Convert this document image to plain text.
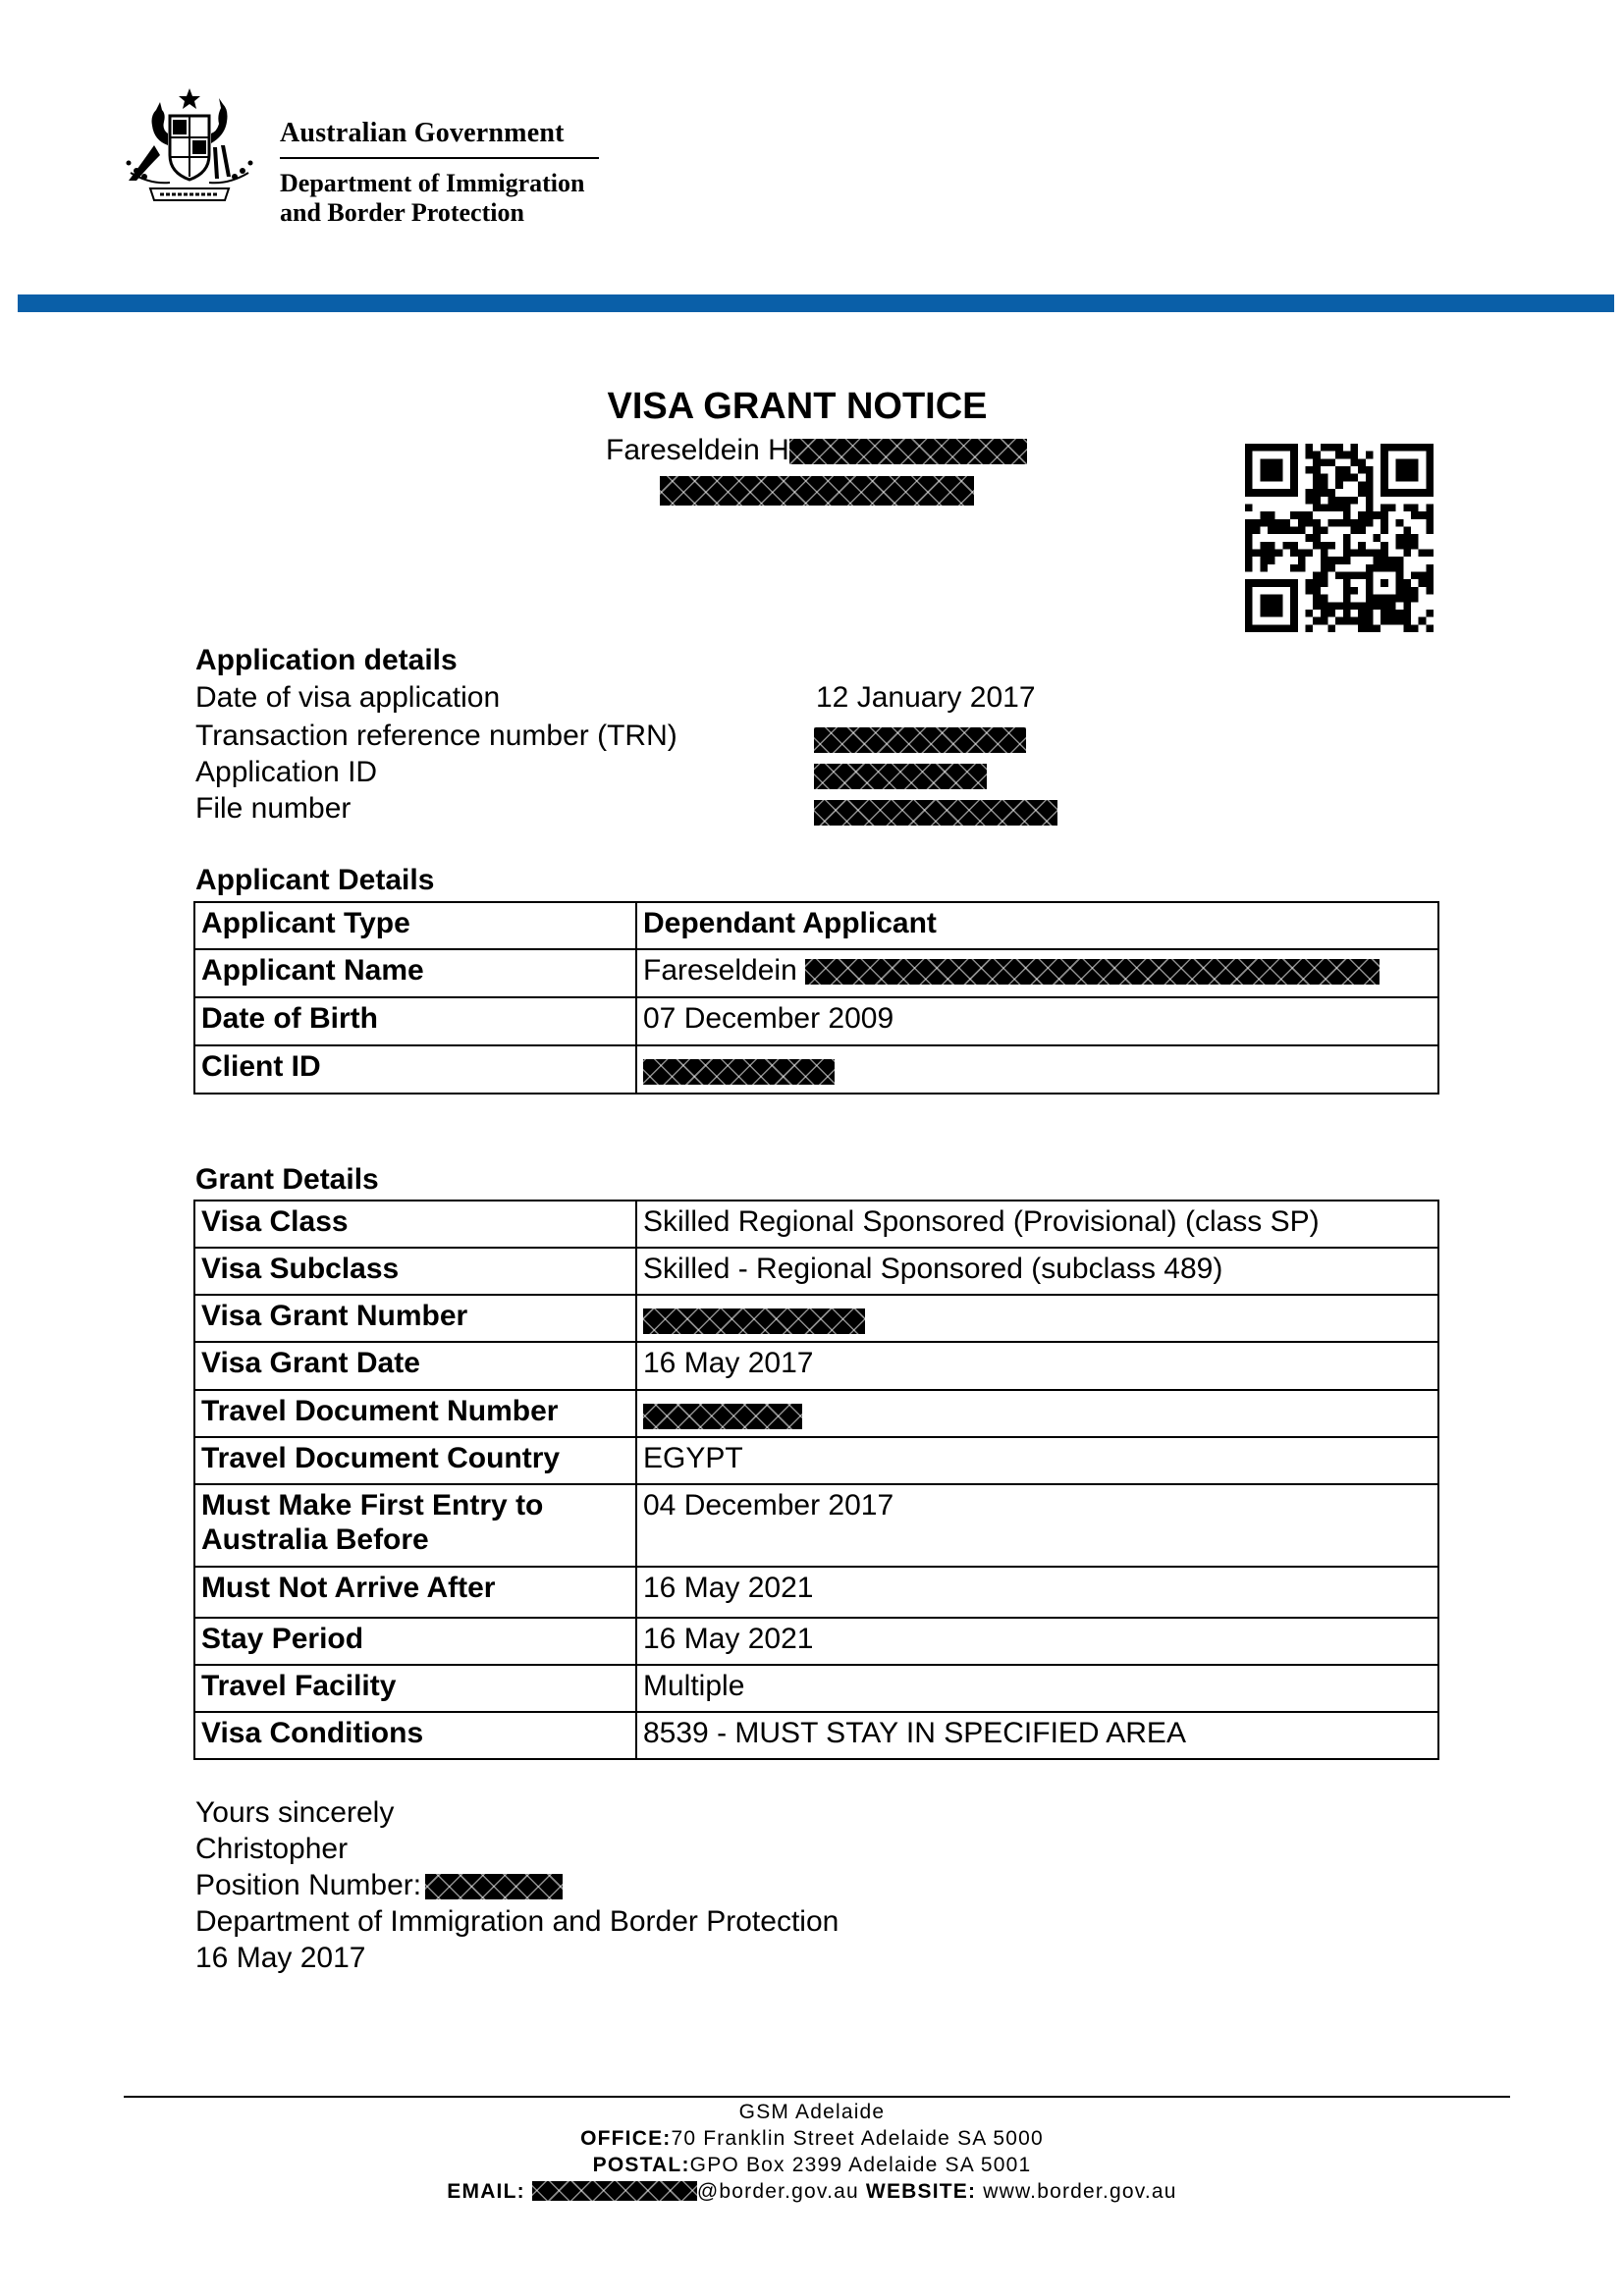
Australian Government
Department of Immigration
and Border Protection
VISA GRANT NOTICE
Fareseldein H
Application details
Date of visa application	12 January 2017
Transaction reference number (TRN)
Application ID
File number
Applicant Details
Applicant Type	Dependant Applicant
Applicant Name	Fareseldein
Date of Birth	07 December 2009
Client ID	
Grant Details
Visa Class	Skilled Regional Sponsored (Provisional) (class SP)
Visa Subclass	Skilled - Regional Sponsored (subclass 489)
Visa Grant Number	
Visa Grant Date	16 May 2017
Travel Document Number	
Travel Document Country	EGYPT
Must Make First Entry to
Australia Before	04 December 2017
Must Not Arrive After	16 May 2021
Stay Period	16 May 2021
Travel Facility	Multiple
Visa Conditions	8539 - MUST STAY IN SPECIFIED AREA
Yours sincerely
Christopher
Position Number:
Department of Immigration and Border Protection
16 May 2017
GSM Adelaide
OFFICE:70 Franklin Street Adelaide SA 5000
POSTAL:GPO Box 2399 Adelaide SA 5001
EMAIL:	@border.gov.au WEBSITE: www.border.gov.au
